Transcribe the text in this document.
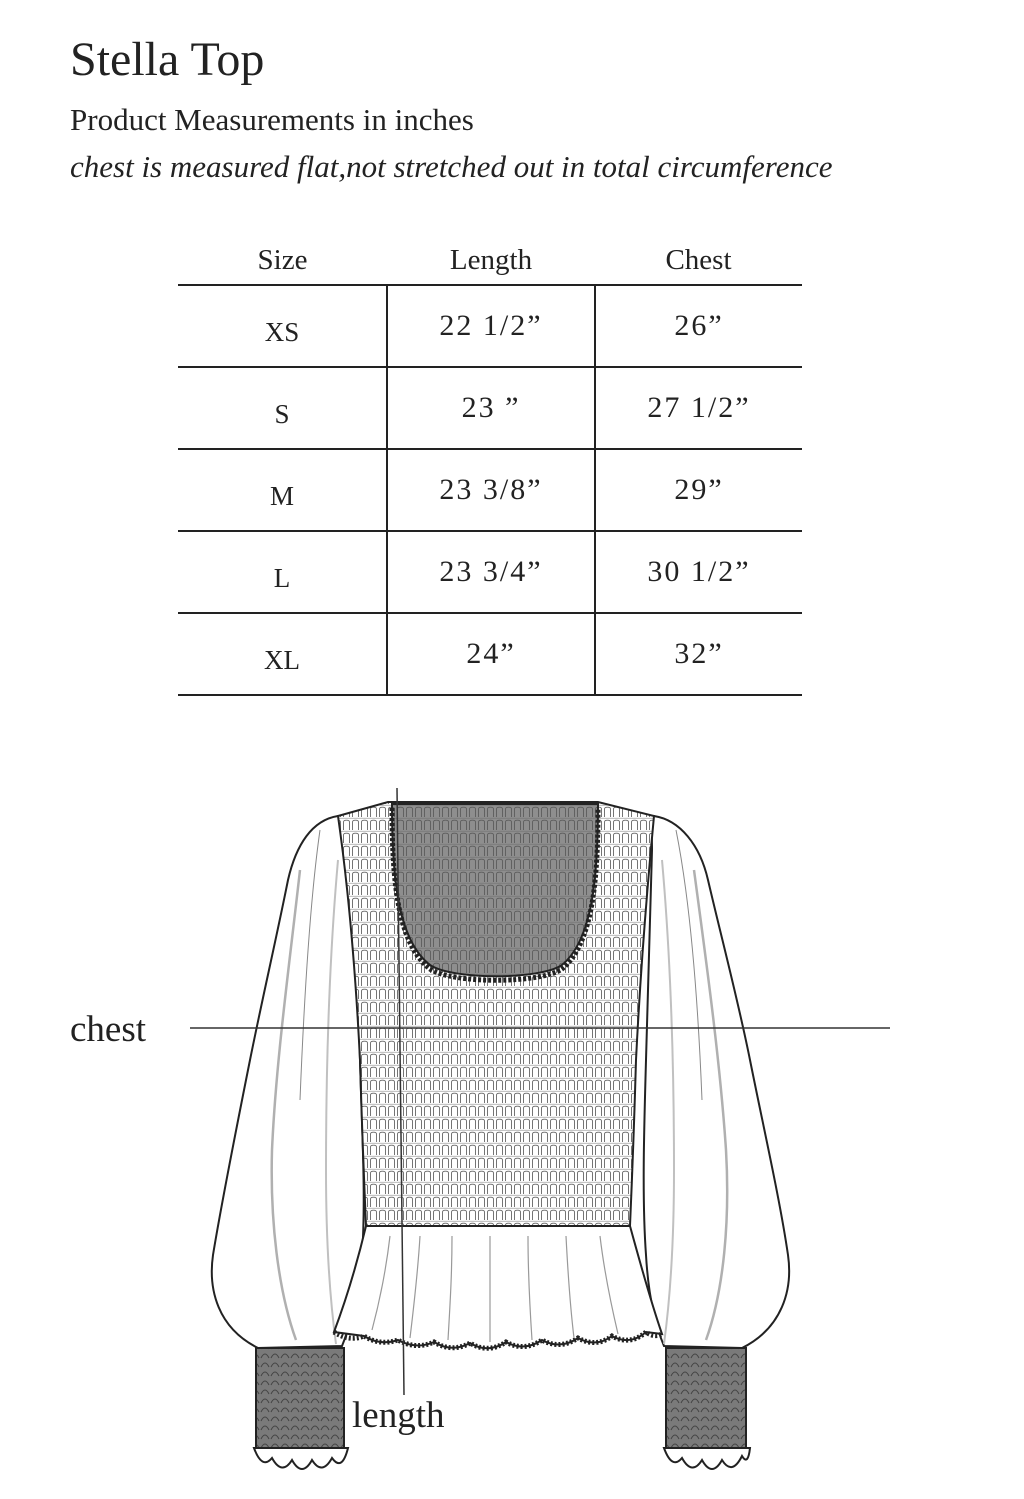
Stella Top
Product Measurements in inches
chest is measured flat,not stretched out in total circumference
Size	Length	Chest
XS	22 1/2”	26”
S	23 ”	27 1/2”
M	23 3/8”	29”
L	23 3/4”	30 1/2”
XL	24”	32”
chest
length
